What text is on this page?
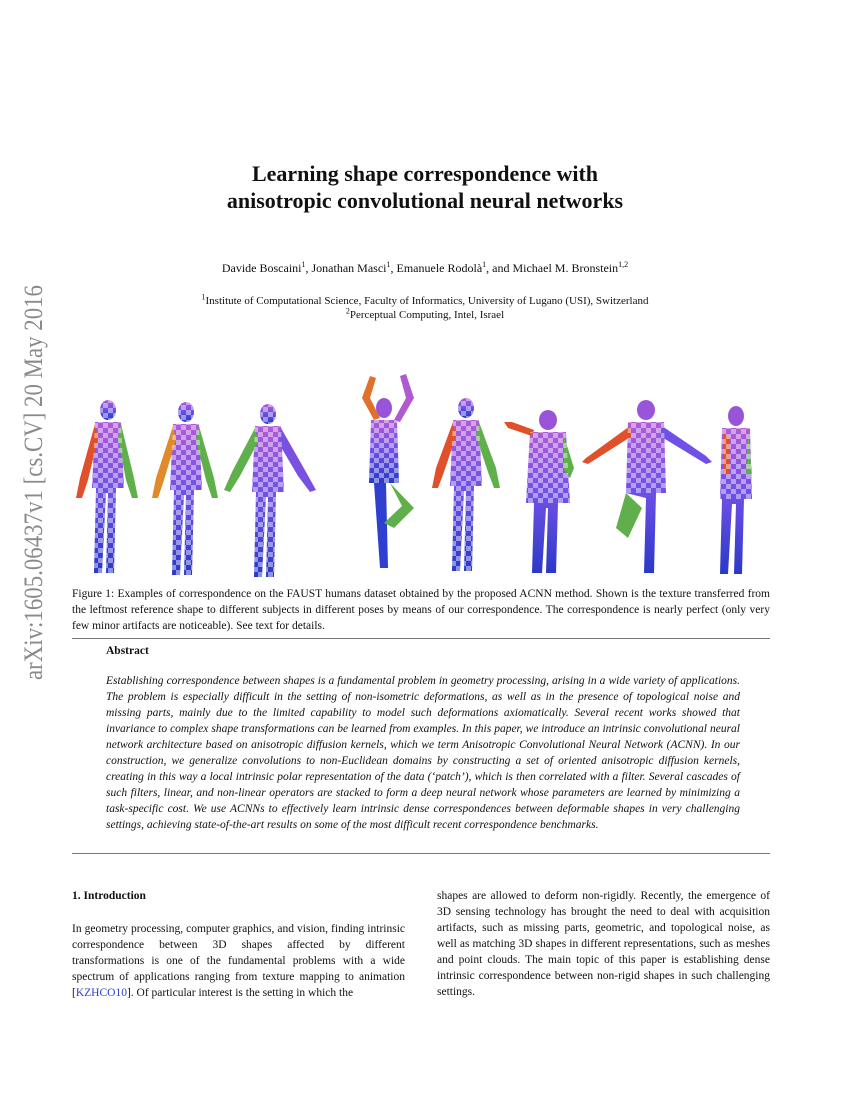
arXiv:1605.06437v1 [cs.CV] 20 May 2016
Learning shape correspondence with
anisotropic convolutional neural networks
Davide Boscaini$^1$, Jonathan Masci$^1$, Emanuele Rodolà$^1$, and Michael M. Bronstein$^{1,2}$
$^1$Institute of Computational Science, Faculty of Informatics, University of Lugano (USI), Switzerland
$^2$Perceptual Computing, Intel, Israel
Figure 1: Examples of correspondence on the FAUST humans dataset obtained by the proposed ACNN method. Shown is the texture transferred from the leftmost reference shape to different subjects in different poses by means of our correspondence. The correspondence is nearly perfect (only very few minor artifacts are noticeable). See text for details.
Abstract
Establishing correspondence between shapes is a fundamental problem in geometry processing, arising in a wide variety of applications. The problem is especially difficult in the setting of non-isometric deformations, as well as in the presence of topological noise and missing parts, mainly due to the limited capability to model such deformations axiomatically. Several recent works showed that invariance to complex shape transformations can be learned from examples. In this paper, we introduce an intrinsic convolutional neural network architecture based on anisotropic diffusion kernels, which we term Anisotropic Convolutional Neural Network (ACNN). In our construction, we generalize convolutions to non-Euclidean domains by constructing a set of oriented anisotropic diffusion kernels, creating in this way a local intrinsic polar representation of the data (‘patch’), which is then correlated with a filter. Several cascades of such filters, linear, and non-linear operators are stacked to form a deep neural network whose parameters are learned by minimizing a task-specific cost. We use ACNNs to effectively learn intrinsic dense correspondences between deformable shapes in very challenging settings, achieving state-of-the-art results on some of the most difficult recent correspondence benchmarks.
1. Introduction
In geometry processing, computer graphics, and vision, finding intrinsic correspondence between 3D shapes affected by different transformations is one of the fundamental problems with a wide spectrum of applications ranging from texture mapping to animation [KZHCO10]. Of particular interest is the setting in which the
shapes are allowed to deform non-rigidly. Recently, the emergence of 3D sensing technology has brought the need to deal with acquisition artifacts, such as missing parts, geometric, and topological noise, as well as matching 3D shapes in different representations, such as meshes and point clouds. The main topic of this paper is establishing dense intrinsic correspondence between non-rigid shapes in such challenging settings.
